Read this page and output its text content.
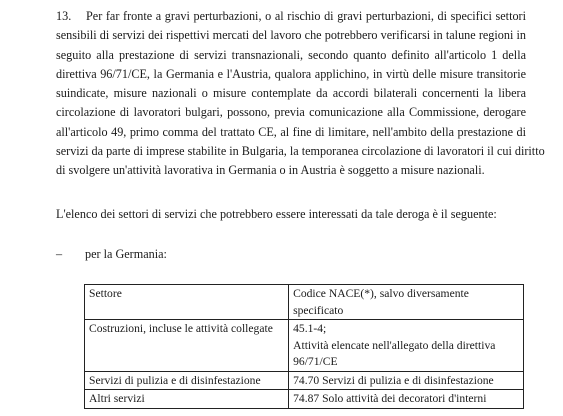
13.	Per far fronte a gravi perturbazioni, o al rischio di gravi perturbazioni, di specifici settori
sensibili di servizi dei rispettivi mercati del lavoro che potrebbero verificarsi in talune regioni in
seguito alla prestazione di servizi transnazionali, secondo quanto definito all'articolo 1 della
direttiva 96/71/CE, la Germania e l'Austria, qualora applichino, in virtù delle misure transitorie
suindicate, misure nazionali o misure contemplate da accordi bilaterali concernenti la libera
circolazione di lavoratori bulgari, possono, previa comunicazione alla Commissione, derogare
all'articolo 49, primo comma del trattato CE, al fine di limitare, nell'ambito della prestazione di
servizi da parte di imprese stabilite in Bulgaria, la temporanea circolazione di lavoratori il cui diritto
di svolgere un'attività lavorativa in Germania o in Austria è soggetto a misure nazionali.
L'elenco dei settori di servizi che potrebbero essere interessati da tale deroga è il seguente:
– per la Germania:
Settore	Codice NACE(*), salvo diversamente specificato
Costruzioni, incluse le attività collegate	45.1-4;
Attività elencate nell'allegato della direttiva
96/71/CE

Servizi di pulizia e di disinfestazione	74.70 Servizi di pulizia e di disinfestazione

Altri servizi	74.87 Solo attività dei decoratori d'interni
